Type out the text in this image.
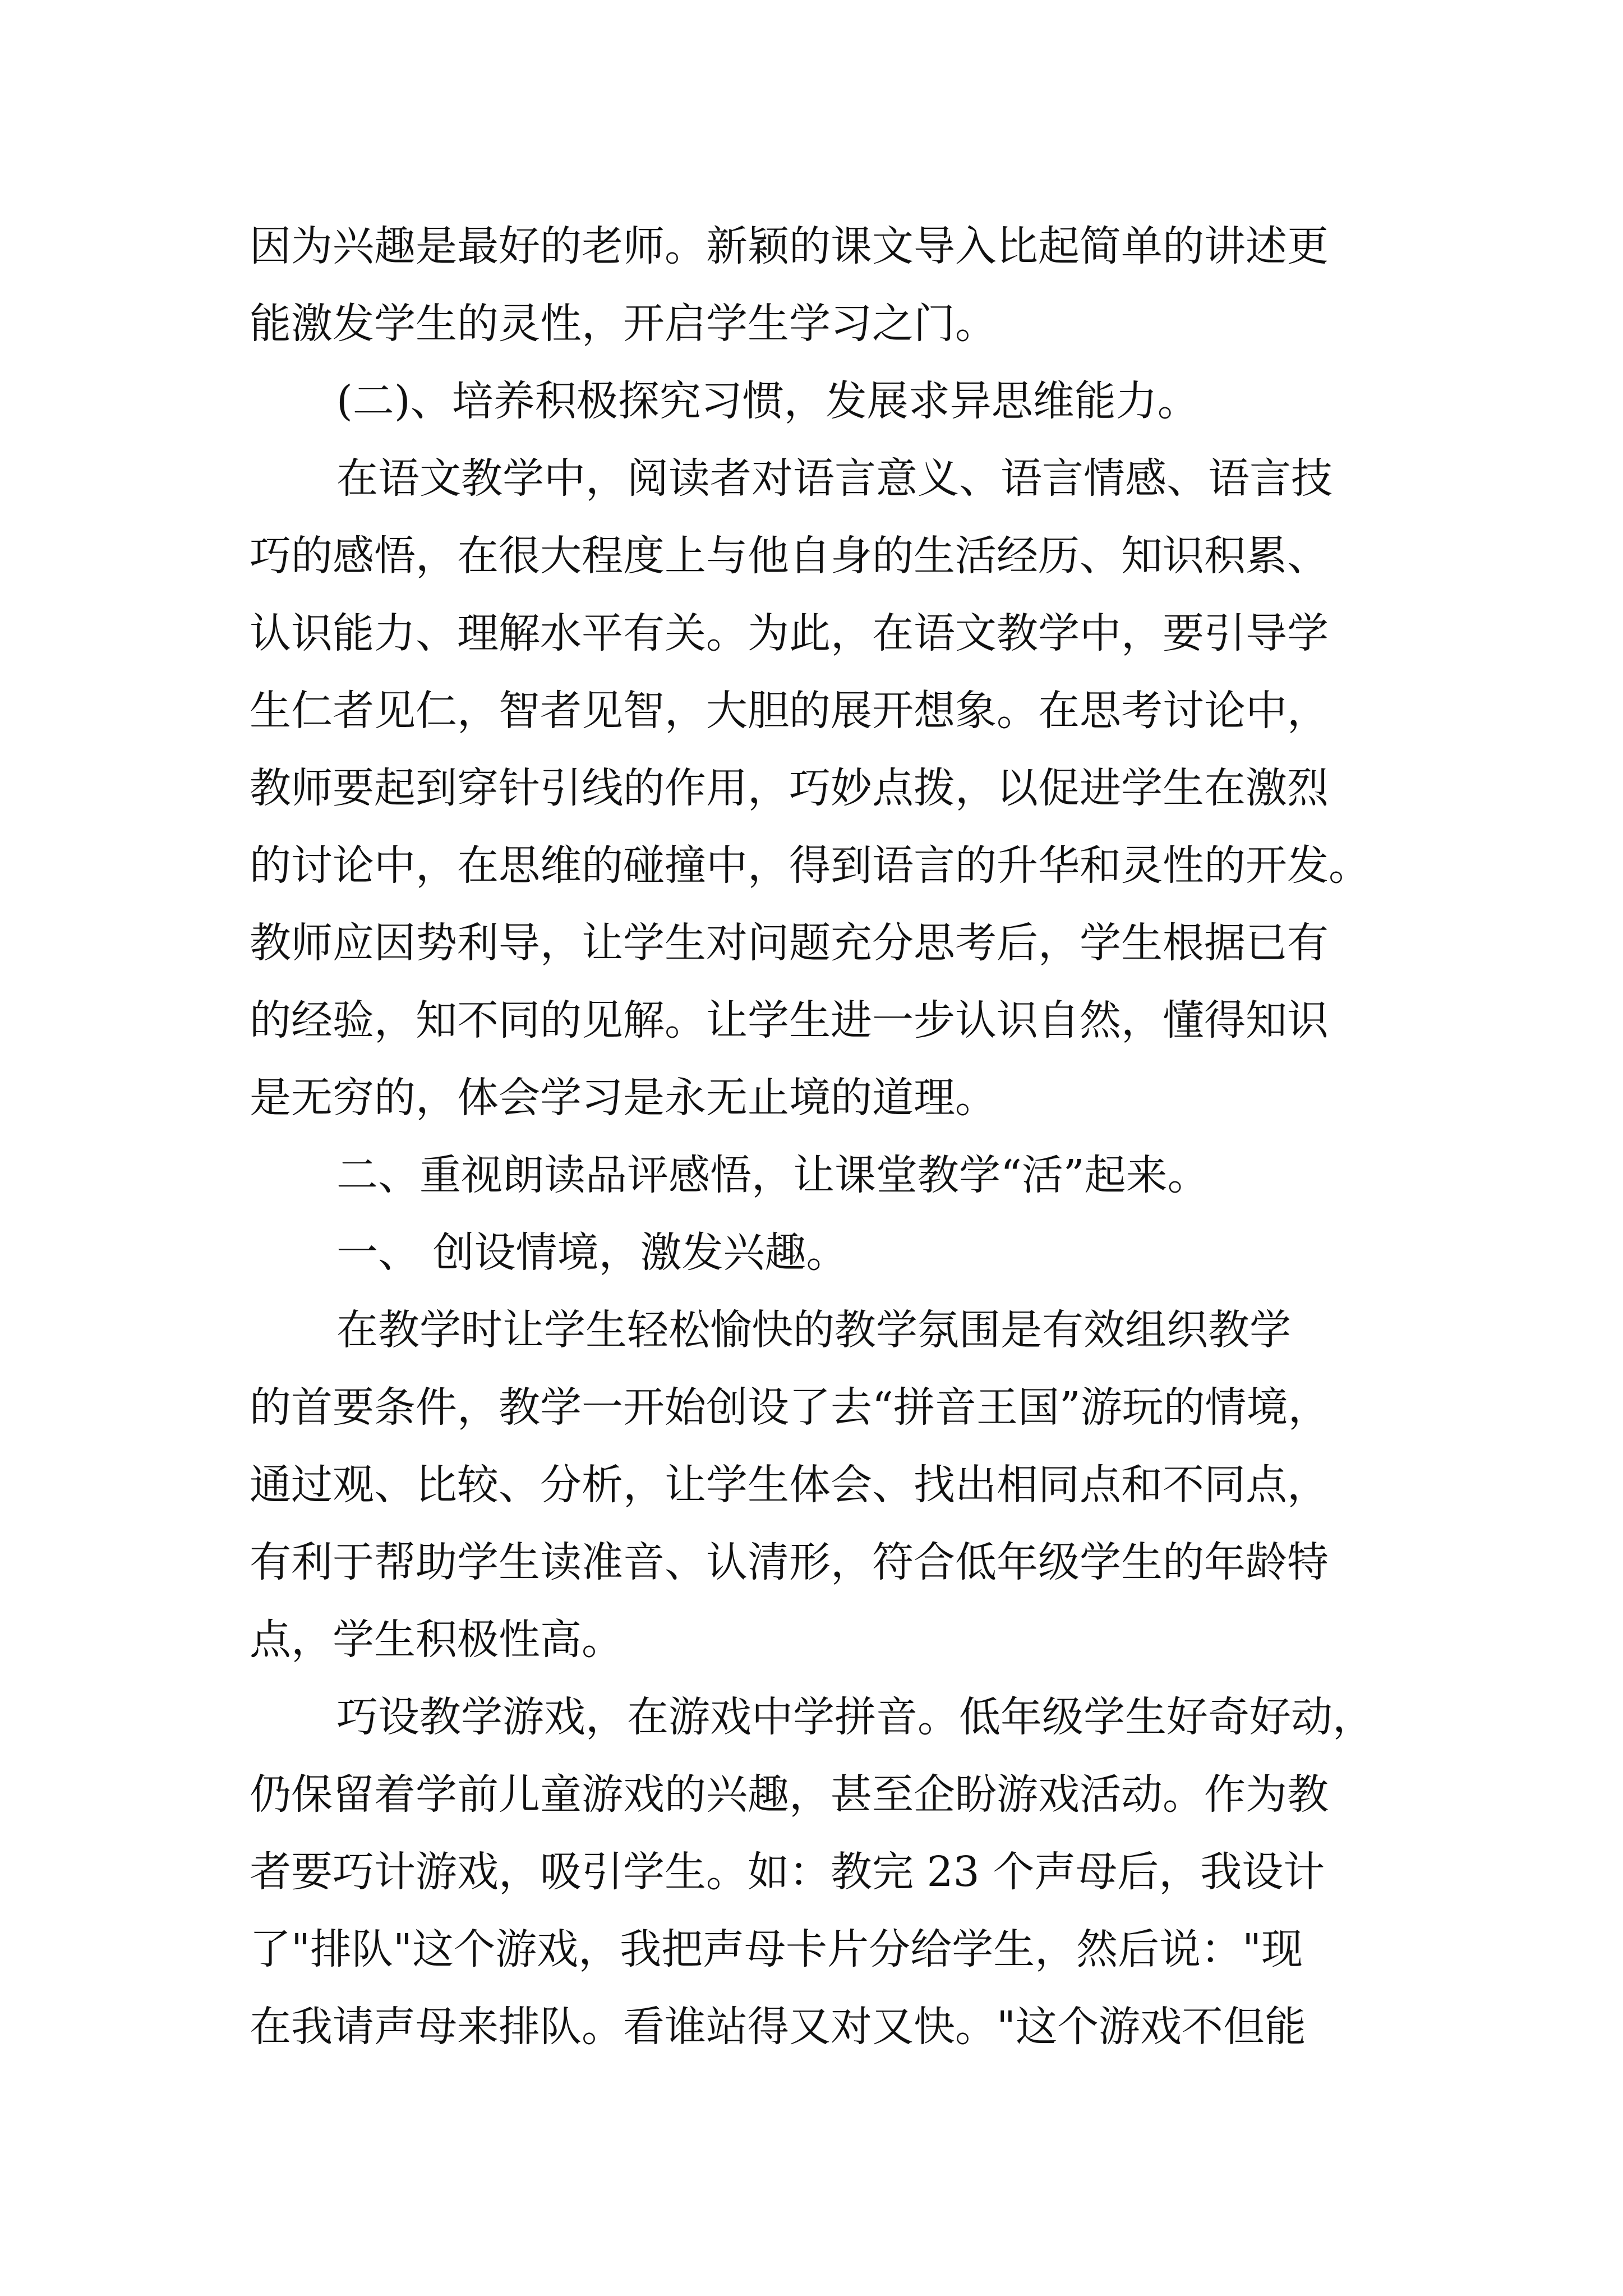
因为兴趣是最好的老师。新颖的课文导入比起简单的讲述更
能激发学生的灵性，开启学生学习之门。
(二)、培养积极探究习惯，发展求异思维能力。
在语文教学中，阅读者对语言意义、语言情感、语言技
巧的感悟，在很大程度上与他自身的生活经历、知识积累、
认识能力、理解水平有关。为此，在语文教学中，要引导学
生仁者见仁，智者见智，大胆的展开想象。在思考讨论中，
教师要起到穿针引线的作用，巧妙点拨，以促进学生在激烈
的讨论中，在思维的碰撞中，得到语言的升华和灵性的开发。
教师应因势利导，让学生对问题充分思考后，学生根据已有
的经验，知不同的见解。让学生进一步认识自然，懂得知识
是无穷的，体会学习是永无止境的道理。
二、重视朗读品评感悟，让课堂教学“活”起来。
一、 创设情境，激发兴趣。
在教学时让学生轻松愉快的教学氛围是有效组织教学
的首要条件，教学一开始创设了去“拼音王国”游玩的情境，
通过观、比较、分析，让学生体会、找出相同点和不同点，
有利于帮助学生读准音、认清形，符合低年级学生的年龄特
点，学生积极性高。
巧设教学游戏，在游戏中学拼音。低年级学生好奇好动，
仍保留着学前儿童游戏的兴趣，甚至企盼游戏活动。作为教
者要巧计游戏，吸引学生。如：教完 23 个声母后，我设计
了"排队"这个游戏，我把声母卡片分给学生，然后说："现
在我请声母来排队。看谁站得又对又快。"这个游戏不但能
